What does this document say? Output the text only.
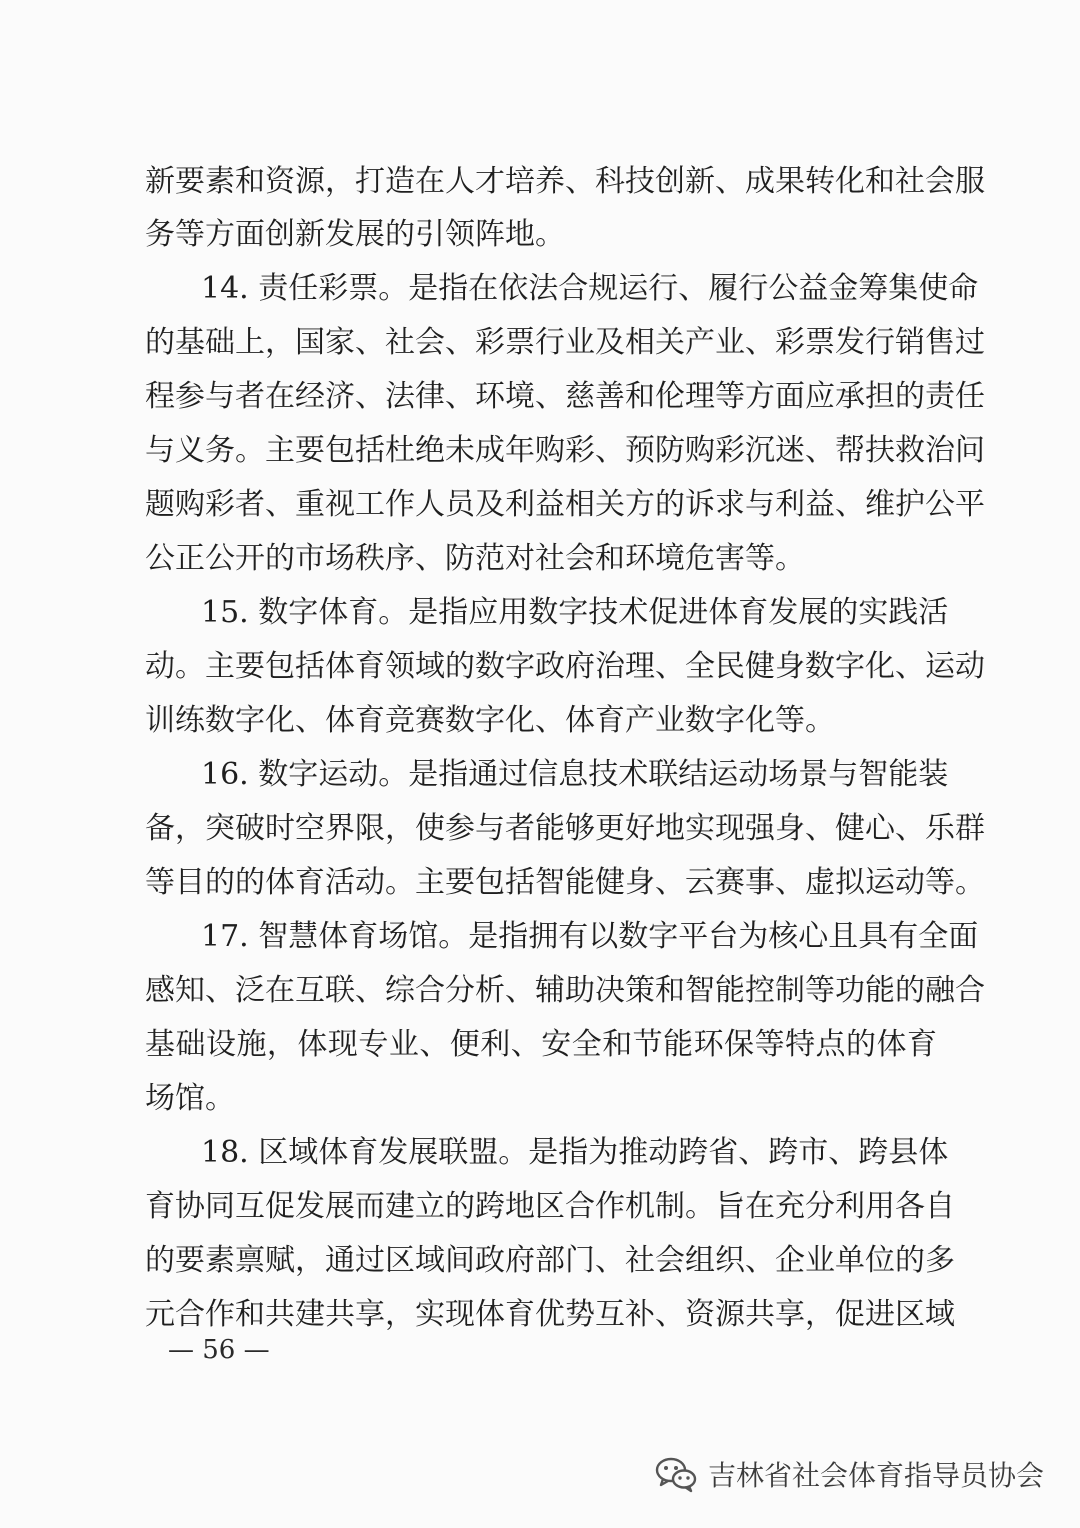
新要素和资源，打造在人才培养、科技创新、成果转化和社会服
务等方面创新发展的引领阵地。
14. 责任彩票。是指在依法合规运行、履行公益金筹集使命
的基础上，国家、社会、彩票行业及相关产业、彩票发行销售过
程参与者在经济、法律、环境、慈善和伦理等方面应承担的责任
与义务。主要包括杜绝未成年购彩、预防购彩沉迷、帮扶救治问
题购彩者、重视工作人员及利益相关方的诉求与利益、维护公平
公正公开的市场秩序、防范对社会和环境危害等。
15. 数字体育。是指应用数字技术促进体育发展的实践活
动。主要包括体育领域的数字政府治理、全民健身数字化、运动
训练数字化、体育竞赛数字化、体育产业数字化等。
16. 数字运动。是指通过信息技术联结运动场景与智能装
备，突破时空界限，使参与者能够更好地实现强身、健心、乐群
等目的的体育活动。主要包括智能健身、云赛事、虚拟运动等。
17. 智慧体育场馆。是指拥有以数字平台为核心且具有全面
感知、泛在互联、综合分析、辅助决策和智能控制等功能的融合
基础设施，体现专业、便利、安全和节能环保等特点的体育
场馆。
18. 区域体育发展联盟。是指为推动跨省、跨市、跨县体
育协同互促发展而建立的跨地区合作机制。旨在充分利用各自
的要素禀赋，通过区域间政府部门、社会组织、企业单位的多
元合作和共建共享，实现体育优势互补、资源共享，促进区域
— 56 —
吉林省社会体育指导员协会
